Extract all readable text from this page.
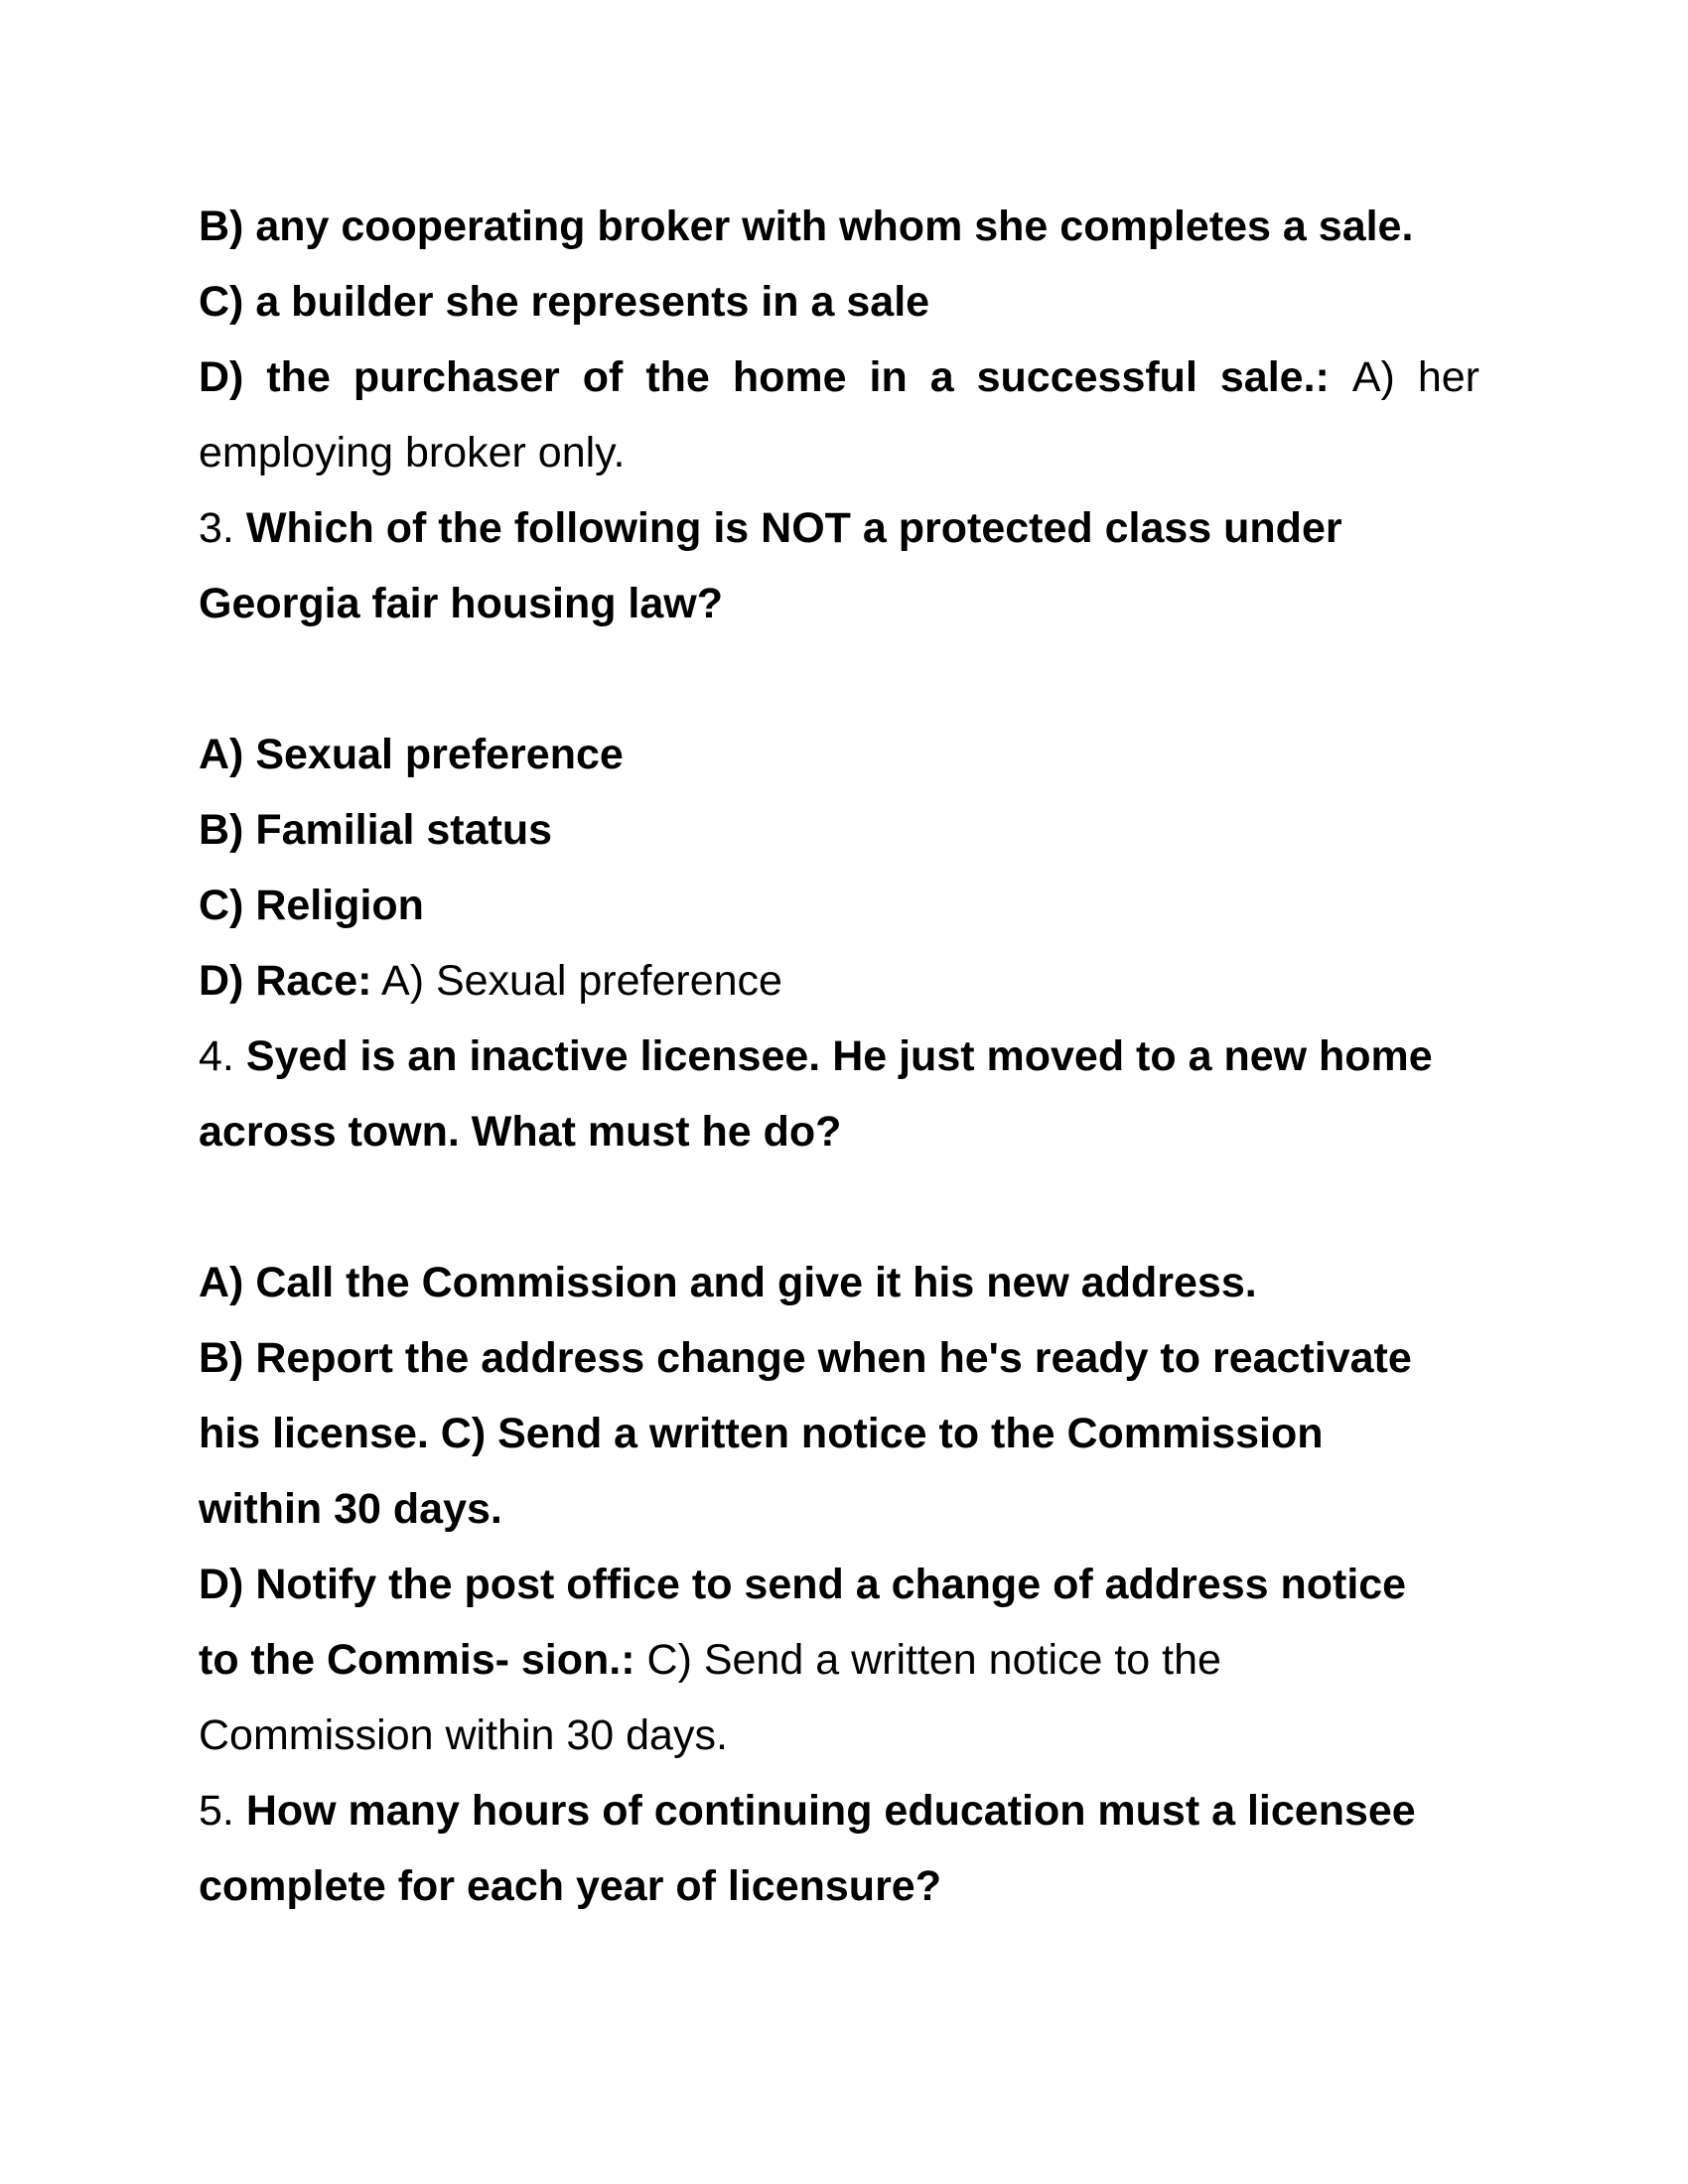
B) any cooperating broker with whom she completes a sale.
C) a builder she represents in a sale
D) the purchaser of the home in a successful sale.: A) her
employing broker only.
3. Which of the following is NOT a protected class under
Georgia fair housing law?
A) Sexual preference
B) Familial status
C) Religion
D) Race: A) Sexual preference
4. Syed is an inactive licensee. He just moved to a new home
across town. What must he do?
A) Call the Commission and give it his new address.
B) Report the address change when he's ready to reactivate
his license. C) Send a written notice to the Commission
within 30 days.
D) Notify the post office to send a change of address notice
to the Commis- sion.: C) Send a written notice to the
Commission within 30 days.
5. How many hours of continuing education must a licensee
complete for each year of licensure?
